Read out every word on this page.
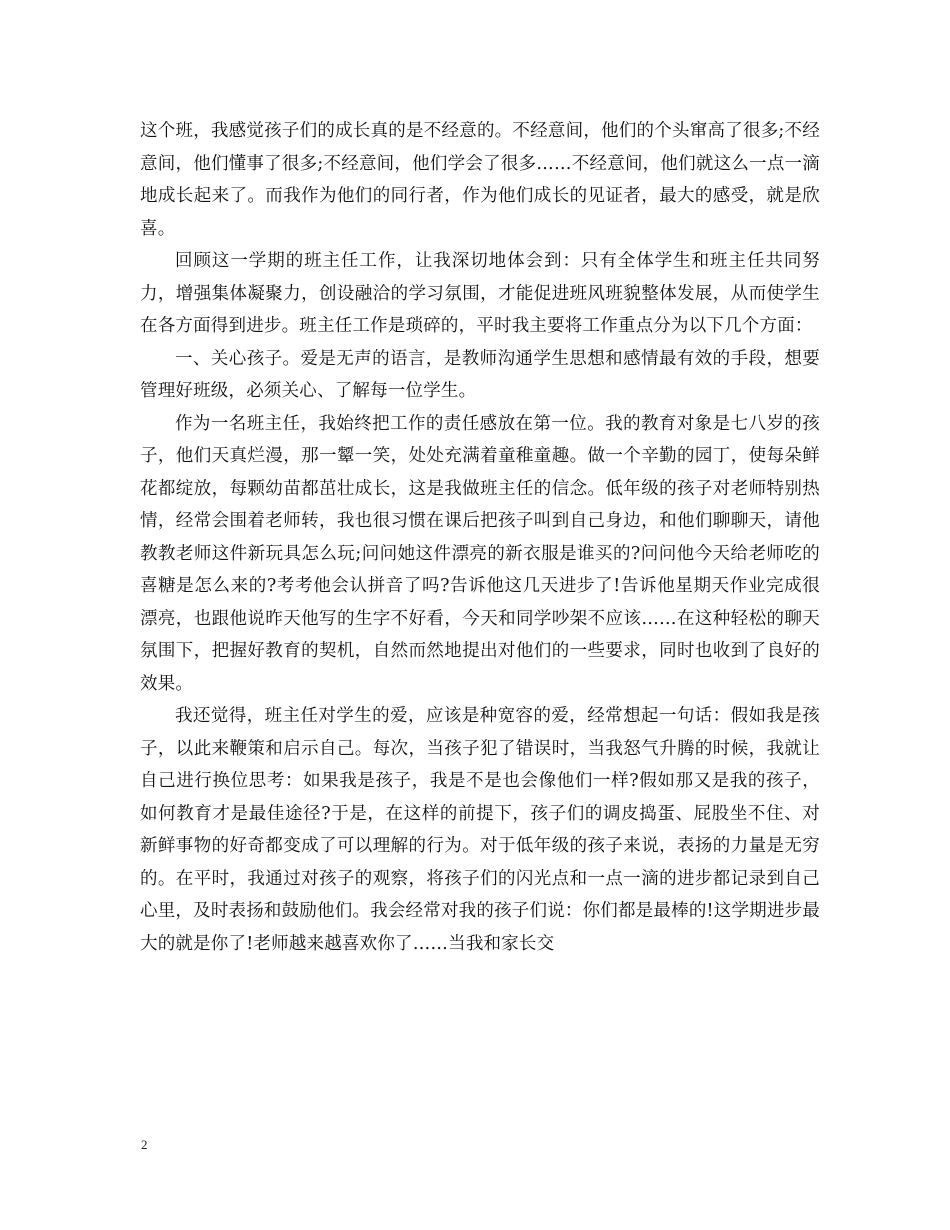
这个班，我感觉孩子们的成长真的是不经意的。不经意间，他们的个头窜高了很多;不经意间，他们懂事了很多;不经意间，他们学会了很多……不经意间，他们就这么一点一滴地成长起来了。而我作为他们的同行者，作为他们成长的见证者，最大的感受，就是欣喜。

回顾这一学期的班主任工作，让我深切地体会到：只有全体学生和班主任共同努力，增强集体凝聚力，创设融洽的学习氛围，才能促进班风班貌整体发展，从而使学生在各方面得到进步。班主任工作是琐碎的，平时我主要将工作重点分为以下几个方面：

一、关心孩子。爱是无声的语言，是教师沟通学生思想和感情最有效的手段，想要管理好班级，必须关心、了解每一位学生。

作为一名班主任，我始终把工作的责任感放在第一位。我的教育对象是七八岁的孩子，他们天真烂漫，那一颦一笑，处处充满着童稚童趣。做一个辛勤的园丁，使每朵鲜花都绽放，每颗幼苗都茁壮成长，这是我做班主任的信念。低年级的孩子对老师特别热情，经常会围着老师转，我也很习惯在课后把孩子叫到自己身边，和他们聊聊天，请他教教老师这件新玩具怎么玩;问问她这件漂亮的新衣服是谁买的?问问他今天给老师吃的喜糖是怎么来的?考考他会认拼音了吗?告诉他这几天进步了!告诉他星期天作业完成很漂亮，也跟他说昨天他写的生字不好看，今天和同学吵架不应该……在这种轻松的聊天氛围下，把握好教育的契机，自然而然地提出对他们的一些要求，同时也收到了良好的效果。

我还觉得，班主任对学生的爱，应该是种宽容的爱，经常想起一句话：假如我是孩子，以此来鞭策和启示自己。每次，当孩子犯了错误时，当我怒气升腾的时候，我就让自己进行换位思考：如果我是孩子，我是不是也会像他们一样?假如那又是我的孩子，如何教育才是最佳途径?于是，在这样的前提下，孩子们的调皮捣蛋、屁股坐不住、对新鲜事物的好奇都变成了可以理解的行为。对于低年级的孩子来说，表扬的力量是无穷的。在平时，我通过对孩子的观察，将孩子们的闪光点和一点一滴的进步都记录到自己心里，及时表扬和鼓励他们。我会经常对我的孩子们说：你们都是最棒的!这学期进步最大的就是你了!老师越来越喜欢你了……当我和家长交

2
